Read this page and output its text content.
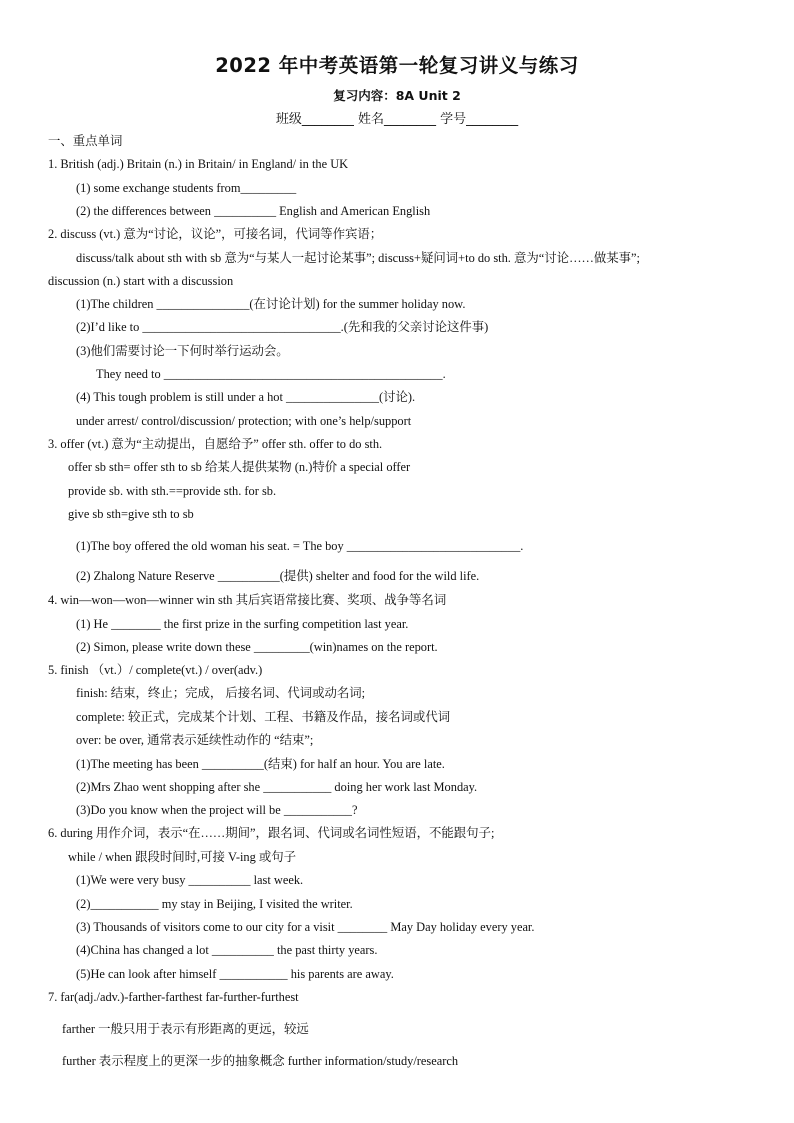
2022 年中考英语第一轮复习讲义与练习
复习内容：8A Unit 2
班级________ 姓名________ 学号________
一、重点单词
1. British (adj.) Britain (n.) in Britain/ in England/ in the UK
(1) some exchange students from_________
(2) the differences between __________ English and American English
2. discuss (vt.) 意为“讨论，议论”，可接名词，代词等作宾语；
discuss/talk about sth with sb 意为“与某人一起讨论某事”; discuss+疑问词+to do sth. 意为“讨论……做某事”;
discussion (n.) start with a discussion
(1)The children _______________(在讨论计划) for the summer holiday now.
(2)I’d like to ________________________________.(先和我的父亲讨论这件事)
(3)他们需要讨论一下何时举行运动会。
They need to _____________________________________________.
(4) This tough problem is still under a hot _______________(讨论).
under arrest/ control/discussion/ protection; with one’s help/support
3. offer (vt.) 意为“主动提出，自愿给予” offer sth. offer to do sth.
offer sb sth= offer sth to sb 给某人提供某物 (n.)特价 a special offer
provide sb. with sth.==provide sth. for sb.
give sb sth=give sth to sb
(1)The boy offered the old woman his seat. = The boy ____________________________.
(2) Zhalong Nature Reserve __________(提供) shelter and food for the wild life.
4. win—won—won—winner win sth 其后宾语常接比赛、奖项、战争等名词
(1) He ________ the first prize in the surfing competition last year.
(2) Simon, please write down these _________(win)names on the report.
5. finish （vt.）/ complete(vt.) / over(adv.)
finish: 结束，终止；完成， 后接名词、代词或动名词;
complete: 较正式，完成某个计划、工程、书籍及作品，接名词或代词
over: be over, 通常表示延续性动作的 “结束”;
(1)The meeting has been __________(结束) for half an hour. You are late.
(2)Mrs Zhao went shopping after she ___________ doing her work last Monday.
(3)Do you know when the project will be ___________?
6. during 用作介词，表示“在……期间”，跟名词、代词或名词性短语，不能跟句子;
while / when 跟段时间时,可接 V-ing 或句子
(1)We were very busy __________ last week.
(2)___________ my stay in Beijing, I visited the writer.
(3) Thousands of visitors come to our city for a visit ________ May Day holiday every year.
(4)China has changed a lot __________ the past thirty years.
(5)He can look after himself ___________ his parents are away.
7. far(adj./adv.)-farther-farthest far-further-furthest
farther 一般只用于表示有形距离的更远，较远
further 表示程度上的更深一步的抽象概念 further information/study/research
